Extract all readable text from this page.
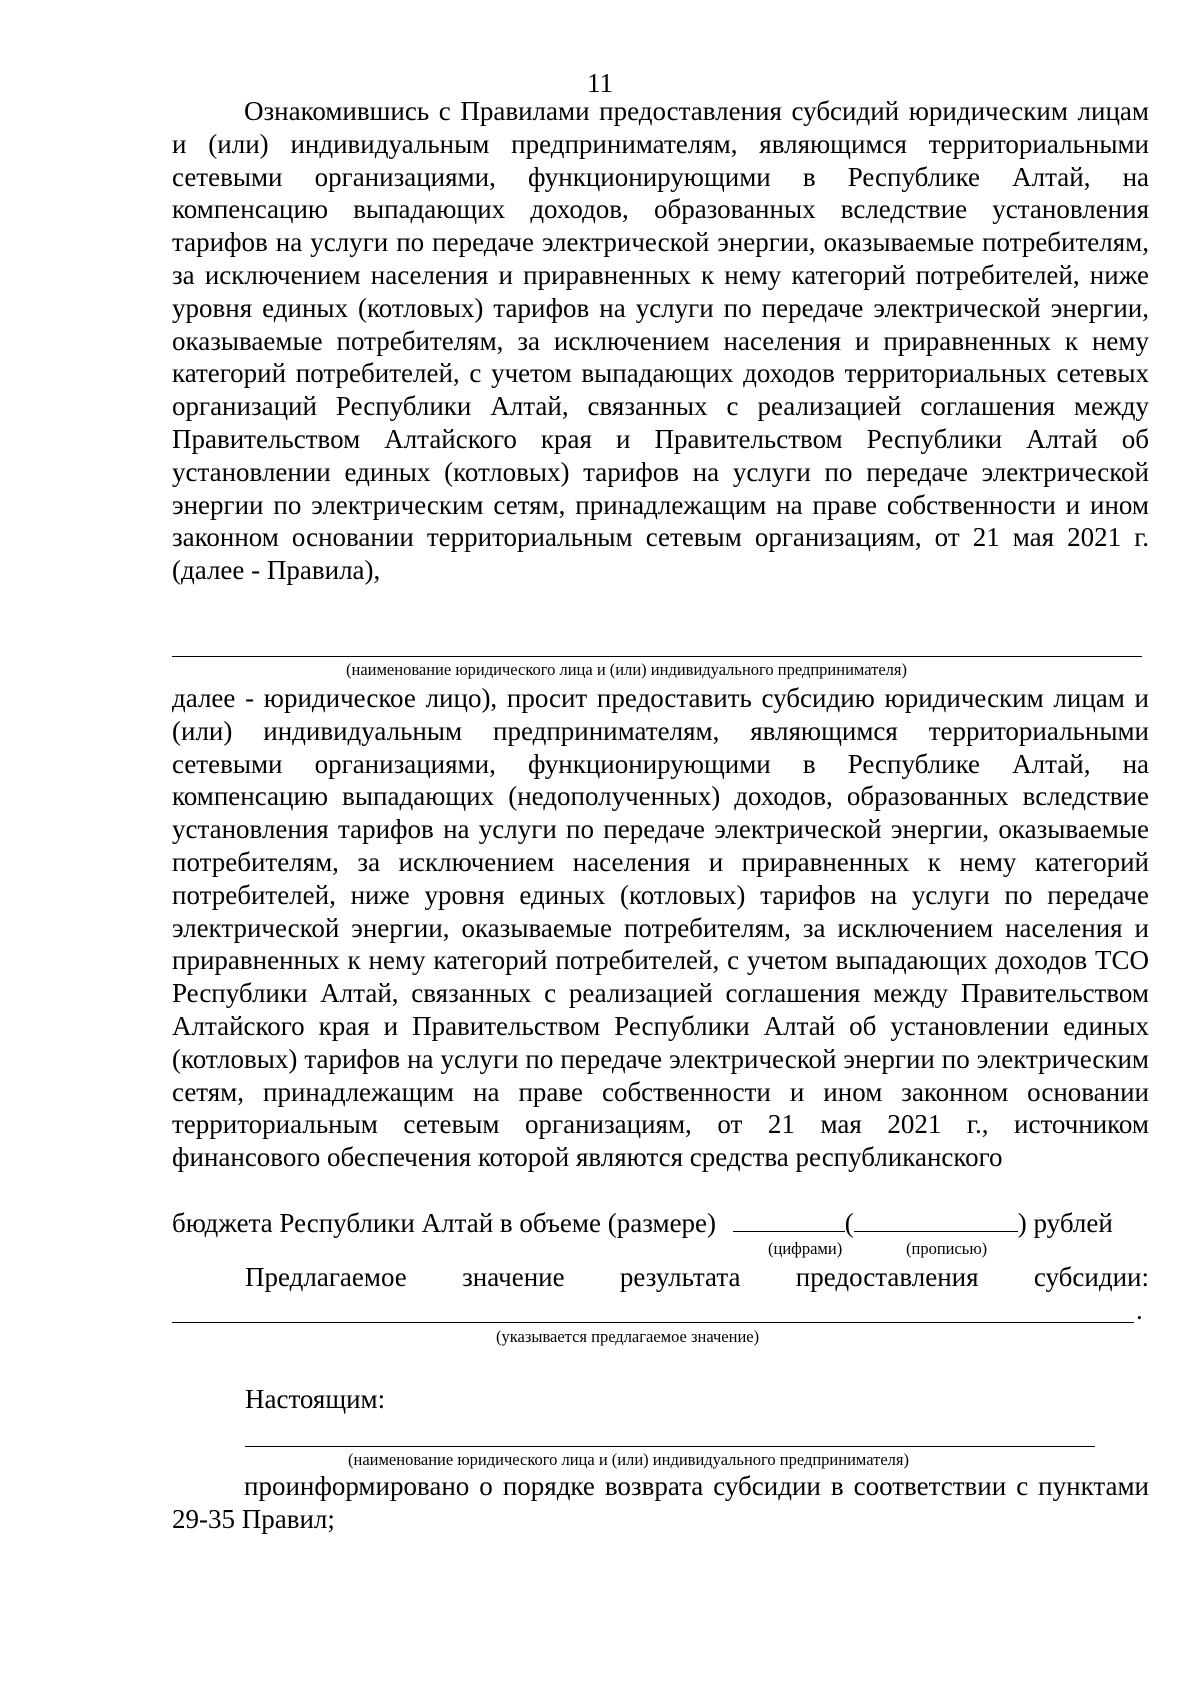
11

Ознакомившись с Правилами предоставления субсидий юридическим лицам и (или) индивидуальным предпринимателям, являющимся территориальными сетевыми организациями, функционирующими в Республике Алтай, на компенсацию выпадающих доходов, образованных вследствие установления тарифов на услуги по передаче электрической энергии, оказываемые потребителям, за исключением населения и приравненных к нему категорий потребителей, ниже уровня единых (котловых) тарифов на услуги по передаче электрической энергии, оказываемые потребителям, за исключением населения и приравненных к нему категорий потребителей, с учетом выпадающих доходов территориальных сетевых организаций Республики Алтай, связанных с реализацией соглашения между Правительством Алтайского края и Правительством Республики Алтай об установлении единых (котловых) тарифов на услуги по передаче электрической энергии по электрическим сетям, принадлежащим на праве собственности и ином законном основании территориальным сетевым организациям, от 21 мая 2021 г. (далее - Правила),

(наименование юридического лица и (или) индивидуального предпринимателя)

далее - юридическое лицо), просит предоставить субсидию юридическим лицам и (или) индивидуальным предпринимателям, являющимся территориальными сетевыми организациями, функционирующими в Республике Алтай, на компенсацию выпадающих (недополученных) доходов, образованных вследствие установления тарифов на услуги по передаче электрической энергии, оказываемые потребителям, за исключением населения и приравненных к нему категорий потребителей, ниже уровня единых (котловых) тарифов на услуги по передаче электрической энергии, оказываемые потребителям, за исключением населения и приравненных к нему категорий потребителей, с учетом выпадающих доходов ТСО Республики Алтай, связанных с реализацией соглашения между Правительством Алтайского края и Правительством Республики Алтай об установлении единых (котловых) тарифов на услуги по передаче электрической энергии по электрическим сетям, принадлежащим на праве собственности и ином законном основании территориальным сетевым организациям, от 21 мая 2021 г., источником финансового обеспечения которой являются средства республиканского

бюджета Республики Алтай в объеме (размере)	(	) рублей
(цифрами)	(прописью)
Предлагаемое значение результата предоставления субсидии:
.
(указывается предлагаемое значение)
Настоящим:
(наименование юридического лица и (или) индивидуального предпринимателя)

проинформировано о порядке возврата субсидии в соответствии с пунктами 29-35 Правил;
